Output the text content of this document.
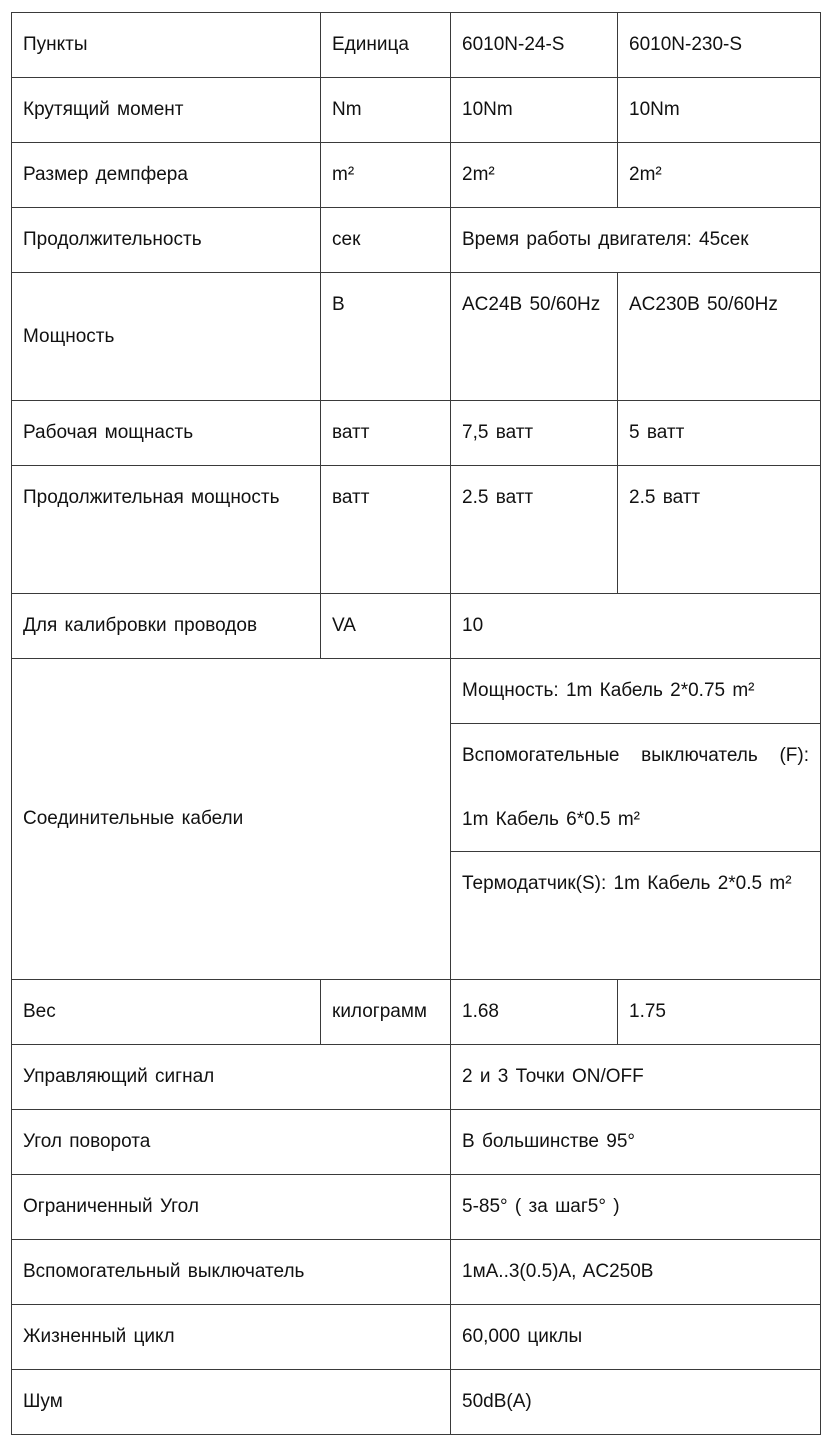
Пункты	Единица	6010N-24-S	6010N-230-S
Крутящий момент	Nm	10Nm	10Nm
Размер демпфера	m²	2m²	2m²
Продолжительность	сек	Время работы двигателя: 45сек	
Мощность	В	AC24B 50/60Hz	AC230B 50/60Hz
Рабочая мощнасть	ватт	7,5 ватт	5 ватт
Продолжительная мощность	ватт	2.5 ватт	2.5 ватт
Для калибровки проводов	VA	10	
Соединительные кабели		Мощность: 1m Кабель 2*0.75 m²
Вспомогательные выключатель (F): 1m Кабель 6*0.5 m²
Термодатчик(S): 1m Кабель 2*0.5 m²	

Вес	килограмм	1.68	1.75
Управляющий сигнал		2 и 3 Точки ON/OFF	
Угол поворота		В большинстве 95°	
Ограниченный Угол		5-85° ( за шаг5° )	
Вспомогательный выключатель		1мA..3(0.5)A, AC250B	
Жизненный цикл		60,000 циклы	
Шум		50dB(A)	
